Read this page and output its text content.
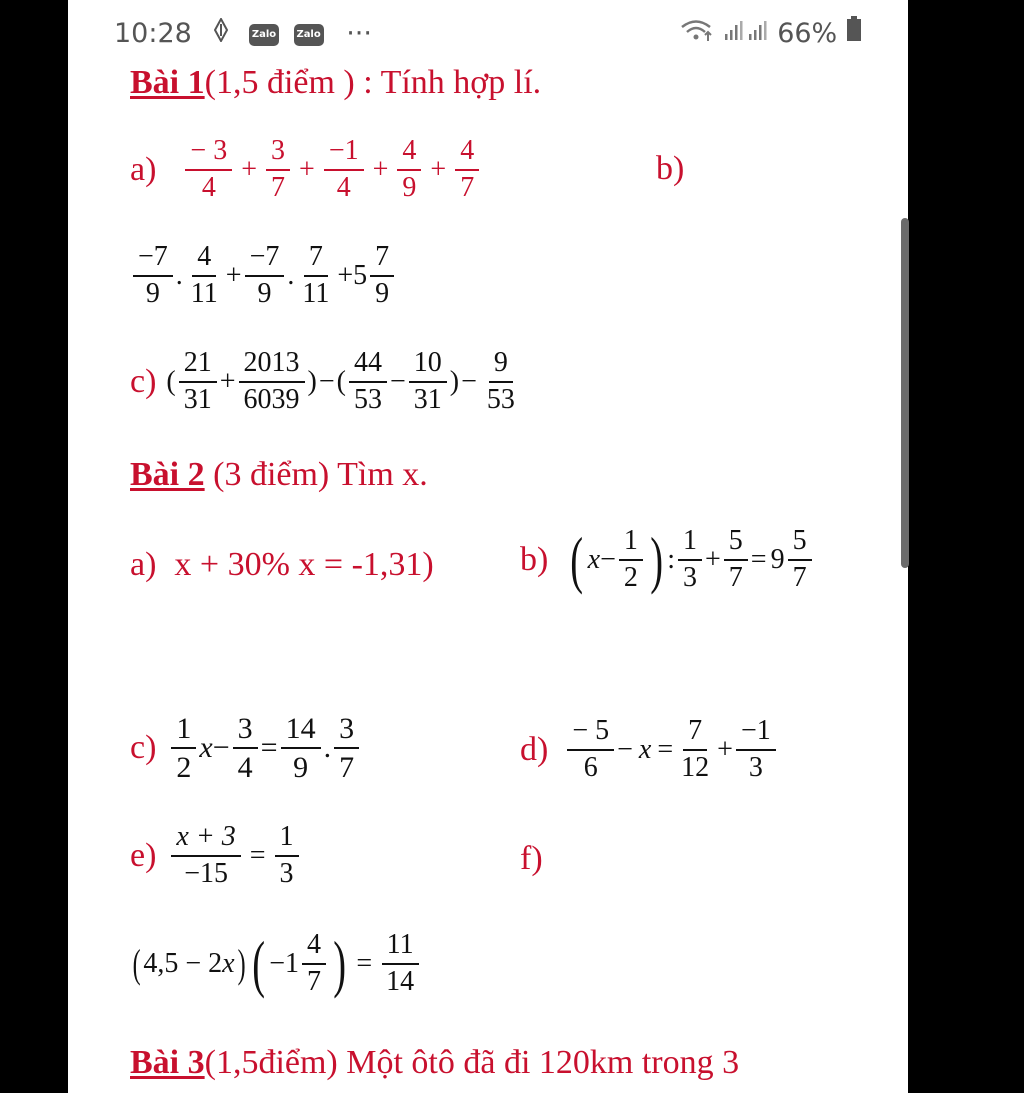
10:28	Zalo Zalo ···	66%
Bài 1(1,5 điểm ) : Tính hợp lí.
$a) \frac{- 3}{4} + \frac{3}{7} + \frac{-1}{4} + \frac{4}{9} + \frac{4}{7}$	b)
$\frac{-7}{9}$ . $\frac{4}{11} + \frac{-7}{9}$ . $\frac{7}{11} + 5 \frac{7}{9}$
c) ( $\frac{21}{31} + \frac{2013}{6039}$ ) − ( $\frac{44}{53} - \frac{10}{31}$ ) − $\frac{9}{53}$
Bài 2 (3 điểm) Tìm x.
a) x + 30% x = -1,31)	b) ( $x - \frac{1}{2}$ ) : $\frac{1}{3} + \frac{5}{7} = 9 \frac{5}{7}$
$c) \frac{1}{2}$ $x - \frac{3}{4} = \frac{14}{9}$ . $\frac{3}{7}$	$d) \frac{- 5}{6} - x = \frac{7}{12} + \frac{-1}{3}$
$e) \frac{x + 3}{-15} = \frac{1}{3}$	f)
( 4,5 − 2 x ) ( $-1 \frac{4}{7}$ ) = $\frac{11}{14}$
Bài 3(1,5điểm) Một ôtô đã đi 120km trong 3
